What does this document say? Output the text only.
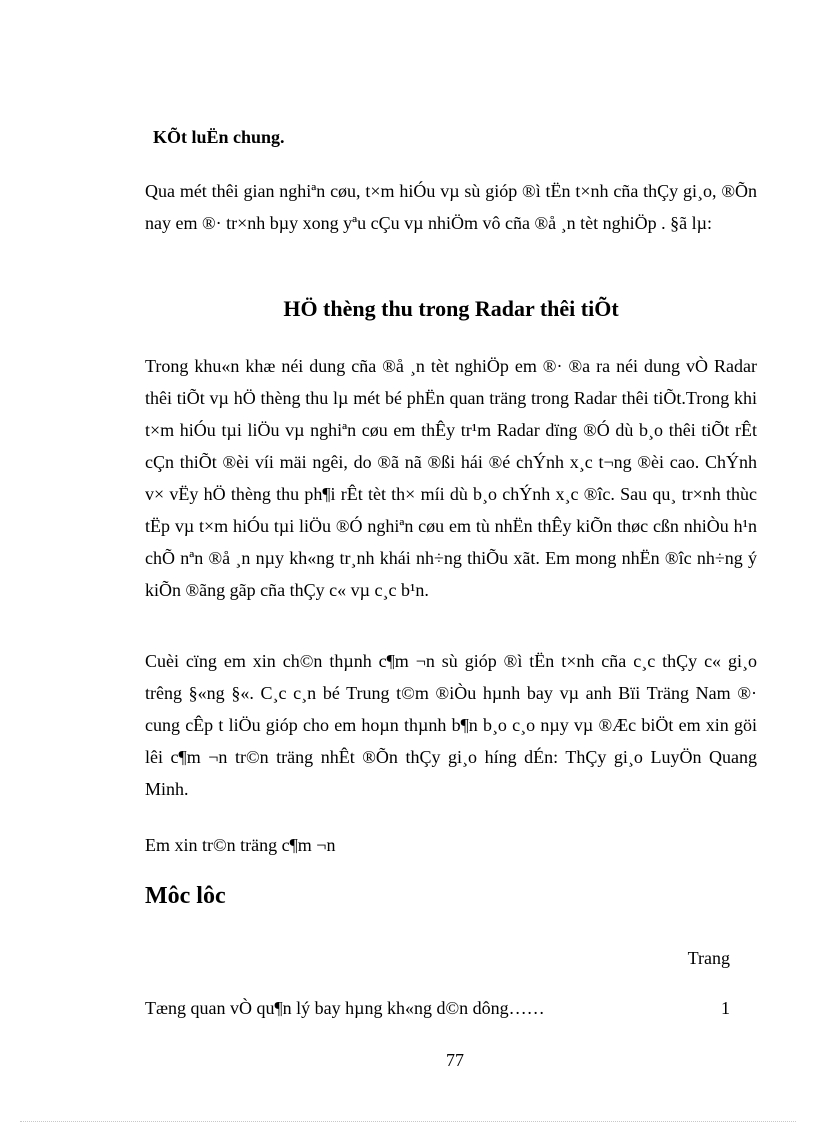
KÕt luËn chung.

Qua mét thêi gian nghiªn cøu, t×m hiÓu vµ sù gióp ®ì tËn t×nh cña thÇy gi¸o, ®Õn nay em ®· tr×nh bµy xong yªu cÇu vµ nhiÖm vô cña ®å ¸n tèt nghiÖp . §ã lµ:

HÖ thèng thu trong Radar thêi tiÕt

Trong khu«n khæ néi dung cña ®å ¸n tèt nghiÖp em ®· ®a ra néi dung vÒ Radar thêi tiÕt vµ hÖ thèng thu lµ mét bé phËn quan träng trong Radar thêi tiÕt.Trong khi t×m hiÓu tµi liÖu vµ nghiªn cøu em thÊy tr¹m Radar dïng ®Ó dù b¸o thêi tiÕt rÊt cÇn thiÕt ®èi víi mäi ngêi, do ®ã nã ®ßi hái ®é chÝnh x¸c t¬ng ®èi cao. ChÝnh v× vËy hÖ thèng thu ph¶i rÊt tèt th× míi dù b¸o chÝnh x¸c ®îc. Sau qu¸ tr×nh thùc tËp vµ t×m hiÓu tµi liÖu ®Ó nghiªn cøu em tù nhËn thÊy kiÕn thøc cßn nhiÒu h¹n chÕ nªn ®å ¸n nµy kh«ng tr¸nh khái nh÷ng thiÕu xãt. Em mong nhËn ®îc nh÷ng ý kiÕn ®ãng gãp cña thÇy c« vµ c¸c b¹n.

Cuèi cïng em xin ch©n thµnh c¶m ¬n sù gióp ®ì tËn t×nh cña c¸c thÇy c« gi¸o trêng §«ng §«. C¸c c¸n bé Trung t©m ®iÒu hµnh bay vµ anh Bïi Träng Nam ®· cung cÊp t liÖu gióp cho em hoµn thµnh b¶n b¸o c¸o nµy vµ ®Æc biÖt em xin göi lêi c¶m ¬n tr©n träng nhÊt ®Õn thÇy gi¸o híng dÉn: ThÇy gi¸o LuyÖn Quang Minh.

Em xin tr©n träng c¶m ¬n

Môc lôc

Trang

Tæng quan vÒ qu¶n lý bay hµng kh«ng d©n dông……	1

77
